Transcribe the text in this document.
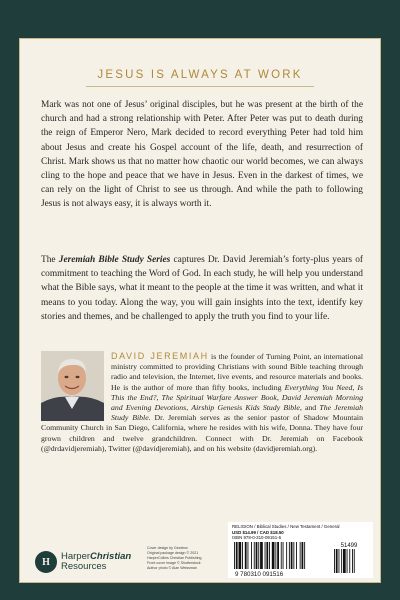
JESUS IS ALWAYS AT WORK

Mark was not one of Jesus’ original disciples, but he was present at the birth of the church and had a strong relationship with Peter. After Peter was put to death during the reign of Emperor Nero, Mark decided to record everything Peter had told him about Jesus and create his Gospel account of the life, death, and resurrection of Christ. Mark shows us that no matter how chaotic our world becomes, we can always cling to the hope and peace that we have in Jesus. Even in the darkest of times, we can rely on the light of Christ to see us through. And while the path to following Jesus is not always easy, it is always worth it.

The Jeremiah Bible Study Series captures Dr. David Jeremiah’s forty-plus years of commitment to teaching the Word of God. In each study, he will help you understand what the Bible says, what it meant to the people at the time it was written, and what it means to you today. Along the way, you will gain insights into the text, identify key stories and themes, and be challenged to apply the truth you find to your life.

DAVID JEREMIAH is the founder of Turning Point, an international ministry committed to providing Christians with sound Bible teaching through radio and television, the Internet, live events, and resource materials and books. He is the author of more than fifty books, including Everything You Need, Is This the End?, The Spiritual Warfare Answer Book, David Jeremiah Morning and Evening Devotions, Airship Genesis Kids Study Bible, and The Jeremiah Study Bible. Dr. Jeremiah serves as the senior pastor of Shadow Mountain Community Church in San Diego, California, where he resides with his wife, Donna. They have four grown children and twelve grandchildren. Connect with Dr. Jeremiah on Facebook (@drdavidjeremiah), Twitter (@davidjeremiah), and on his website (davidjeremiah.org).
H
HarperChristian
Resources
Cover design by Gearbox
Original package design © 2021
HarperCollins Christian Publishing
Front cover image © Shutterstock
Author photo © Alan Weissman
RELIGION / Biblical Studies / New Testament / General
USD $14.99 / CAD $18.50
ISBN 978-0-310-09151-6
51499
9 780310 091516
